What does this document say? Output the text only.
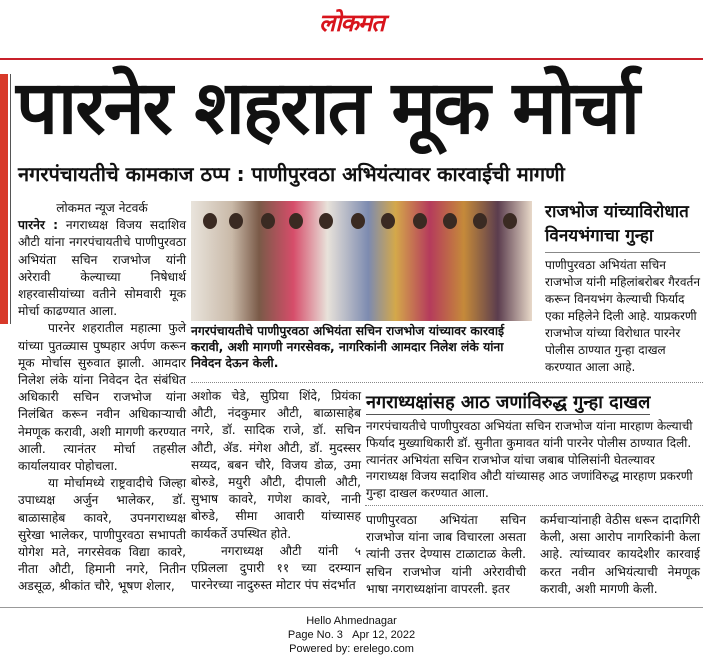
लोकमत
पारनेर शहरात मूक मोर्चा
नगरपंचायतीचे कामकाज ठप्प : पाणीपुरवठा अभियंत्यावर कारवाईची मागणी

लोकमत न्यूज नेटवर्क

पारनेर : नगराध्यक्ष विजय सदाशिव औटी यांना नगरपंचायतीचे पाणीपुरवठा अभियंता सचिन राजभोज यांनी अरेरावी केल्याच्या निषेधार्थ शहरवासीयांच्या वतीने सोमवारी मूक मोर्चा काढण्यात आला.

पारनेर शहरातील महात्मा फुले यांच्या पुतळ्यास पुष्पहार अर्पण करून मूक मोर्चास सुरुवात झाली. आमदार निलेश लंके यांना निवेदन देत संबंधित अधिकारी सचिन राजभोज यांना निलंबित करून नवीन अधिकाऱ्याची नेमणूक करावी, अशी मागणी करण्यात आली. त्यानंतर मोर्चा तहसील कार्यालयावर पोहोचला.

या मोर्चामध्ये राष्ट्रवादीचे जिल्हा उपाध्यक्ष अर्जुन भालेकर, डॉ. बाळासाहेब कावरे, उपनगराध्यक्ष सुरेखा भालेकर, पाणीपुरवठा सभापती योगेश मते, नगरसेवक विद्या कावरे, नीता औटी, हिमानी नगरे, नितीन अडसूळ, श्रीकांत चौरे, भूषण शेलार,

नगरपंचायतीचे पाणीपुरवठा अभियंता सचिन राजभोज यांच्यावर कारवाई करावी, अशी मागणी नगरसेवक, नागरिकांनी आमदार निलेश लंके यांना निवेदन देऊन केली.

अशोक चेडे, सुप्रिया शिंदे, प्रियंका औटी, नंदकुमार औटी, बाळासाहेब नगरे, डॉ. सादिक राजे, डॉ. सचिन औटी, ॲड. मंगेश औटी, डॉ. मुदस्सर सय्यद, बबन चौरे, विजय डोळ, उमा बोरुडे, मयुरी औटी, दीपाली औटी, सुभाष कावरे, गणेश कावरे, नानी बोरुडे, सीमा आवारी यांच्यासह कार्यकर्ते उपस्थित होते.

नगराध्यक्ष औटी यांनी ५ एप्रिलला दुपारी ११ च्या दरम्यान पारनेरच्या नादुरुस्त मोटार पंप संदर्भात

राजभोज यांच्याविरोधात विनयभंगाचा गुन्हा
पाणीपुरवठा अभियंता सचिन राजभोज यांनी महिलांबरोबर गैरवर्तन करून विनयभंग केल्याची फिर्याद एका महिलेने दिली आहे. याप्रकरणी राजभोज यांच्या विरोधात पारनेर पोलीस ठाण्यात गुन्हा दाखल करण्यात आला आहे.
नगराध्यक्षांसह आठ जणांविरुद्ध गुन्हा दाखल
नगरपंचायतीचे पाणीपुरवठा अभियंता सचिन राजभोज यांना मारहाण केल्याची फिर्याद मुख्याधिकारी डॉ. सुनीता कुमावत यांनी पारनेर पोलीस ठाण्यात दिली. त्यानंतर अभियंता सचिन राजभोज यांचा जबाब पोलिसांनी घेतल्यावर नगराध्यक्ष विजय सदाशिव औटी यांच्यासह आठ जणांविरुद्ध मारहाण प्रकरणी गुन्हा दाखल करण्यात आला.
पाणीपुरवठा अभियंता सचिन राजभोज यांना जाब विचारला असता त्यांनी उत्तर देण्यास टाळाटाळ केली. सचिन राजभोज यांनी अरेरावीची भाषा नगराध्यक्षांना वापरली. इतर
कर्मचाऱ्यांनाही वेठीस धरून दादागिरी केली, असा आरोप नागरिकांनी केला आहे. त्यांच्यावर कायदेशीर कारवाई करत नवीन अभियंत्याची नेमणूक करावी, अशी मागणी केली.
Hello Ahmednagar
Page No. 3 Apr 12, 2022
Powered by: erelego.com
